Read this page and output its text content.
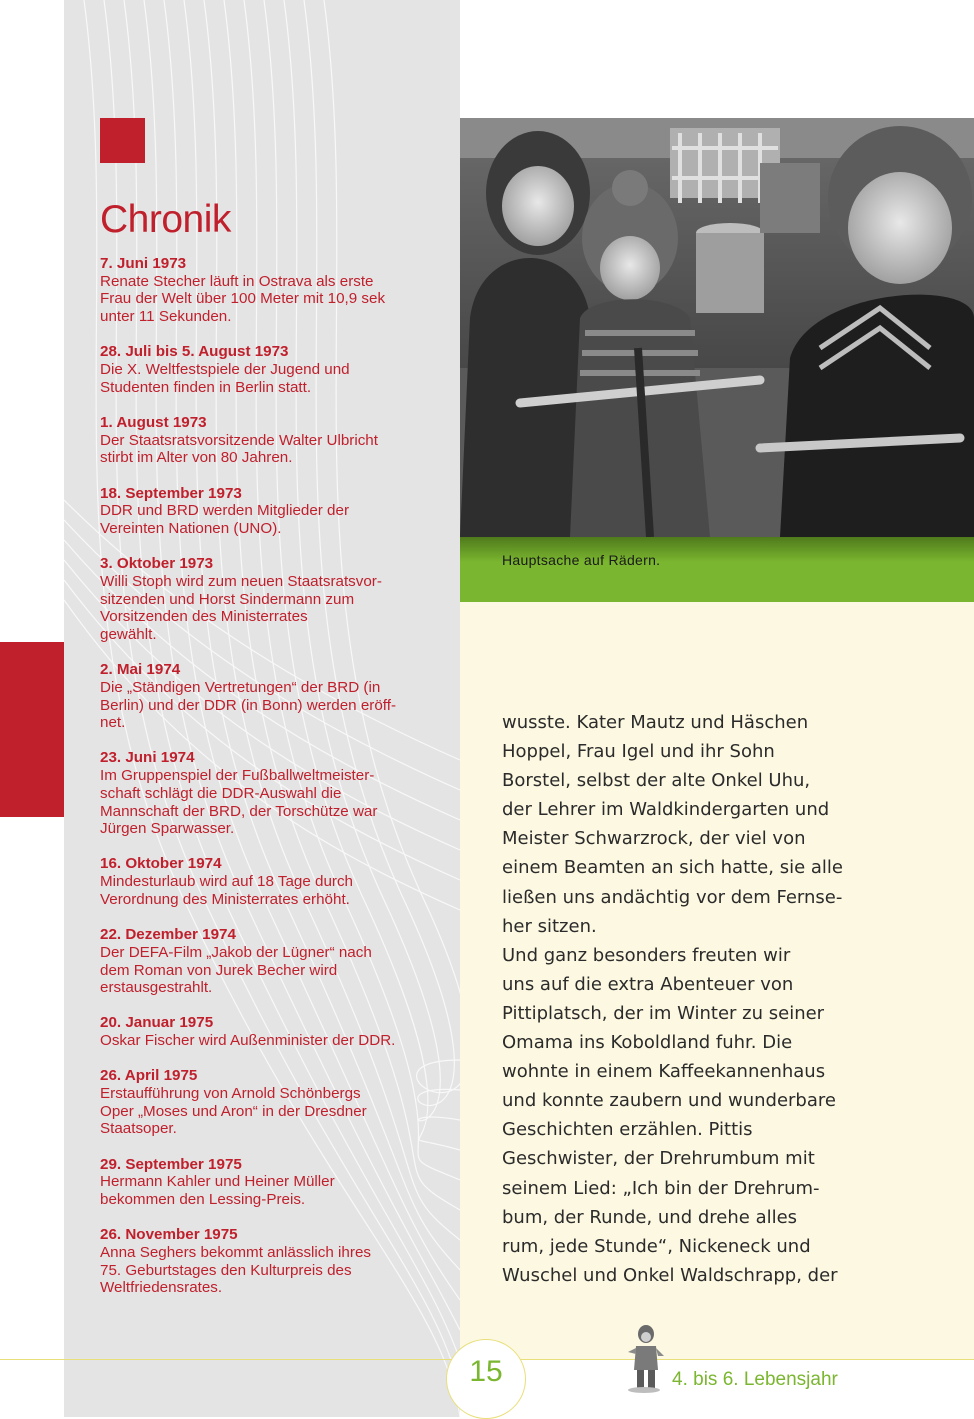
Chronik
7. Juni 1973
Renate Stecher läuft in Ostrava als erste
Frau der Welt über 100 Meter mit 10,9 sek
unter 11 Sekunden.
28. Juli bis 5. August 1973
Die X. Weltfestspiele der Jugend und
Studenten finden in Berlin statt.
1. August 1973
Der Staatsratsvorsitzende Walter Ulbricht
stirbt im Alter von 80 Jahren.
18. September 1973
DDR und BRD werden Mitglieder der
Vereinten Nationen (UNO).
3. Oktober 1973
Willi Stoph wird zum neuen Staatsratsvor-
sitzenden und Horst Sindermann zum
Vorsitzenden des Ministerrates
gewählt.
2. Mai 1974
Die „Ständigen Vertretungen“ der BRD (in
Berlin) und der DDR (in Bonn) werden eröff-
net.
23. Juni 1974
Im Gruppenspiel der Fußballweltmeister-
schaft schlägt die DDR-Auswahl die
Mannschaft der BRD, der Torschütze war
Jürgen Sparwasser.
16. Oktober 1974
Mindesturlaub wird auf 18 Tage durch
Verordnung des Ministerrates erhöht.
22. Dezember 1974
Der DEFA-Film „Jakob der Lügner“ nach
dem Roman von Jurek Becher wird
erstausgestrahlt.
20. Januar 1975
Oskar Fischer wird Außenminister der DDR.
26. April 1975
Erstaufführung von Arnold Schönbergs
Oper „Moses und Aron“ in der Dresdner
Staatsoper.
29. September 1975
Hermann Kahler und Heiner Müller
bekommen den Lessing-Preis.
26. November 1975
Anna Seghers bekommt anlässlich ihres
75. Geburtstages den Kulturpreis des
Weltfriedensrates.
Hauptsache auf Rädern.
wusste. Kater Mautz und Häschen
Hoppel, Frau Igel und ihr Sohn
Borstel, selbst der alte Onkel Uhu,
der Lehrer im Waldkindergarten und
Meister Schwarzrock, der viel von
einem Beamten an sich hatte, sie alle
ließen uns andächtig vor dem Fernse-
her sitzen.
Und ganz besonders freuten wir
uns auf die extra Abenteuer von
Pittiplatsch, der im Winter zu seiner
Omama ins Koboldland fuhr. Die
wohnte in einem Kaffeekannenhaus
und konnte zaubern und wunderbare
Geschichten erzählen. Pittis
Geschwister, der Drehrumbum mit
seinem Lied: „Ich bin der Drehrum-
bum, der Runde, und drehe alles
rum, jede Stunde“, Nickeneck und
Wuschel und Onkel Waldschrapp, der
15	4. bis 6. Lebensjahr
